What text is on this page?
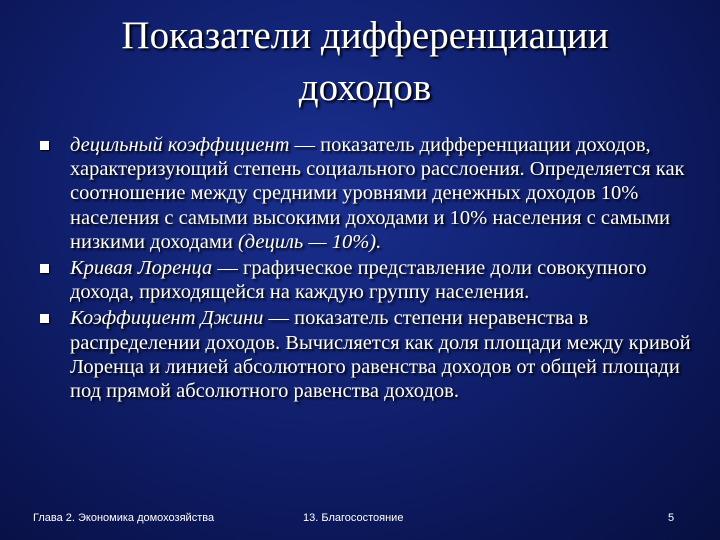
Показатели дифференциации
доходов
децильный коэффициент — показатель дифференциации доходов, характеризующий степень социального расслоения. Определяется как соотношение между средними уровнями денежных доходов 10% населения с самыми высокими доходами и 10% населения с самыми низкими доходами (дециль — 10%).
Кривая Лоренца — графическое представление доли совокупного дохода, приходящейся на каждую группу населения.
Коэффициент Джини — показатель степени неравенства в распределении доходов. Вычисляется как доля площади между кривой Лоренца и линией абсолютного равенства доходов от общей площади под прямой абсолютного равенства доходов.
Глава 2. Экономика домохозяйства	13. Благосостояние	5
